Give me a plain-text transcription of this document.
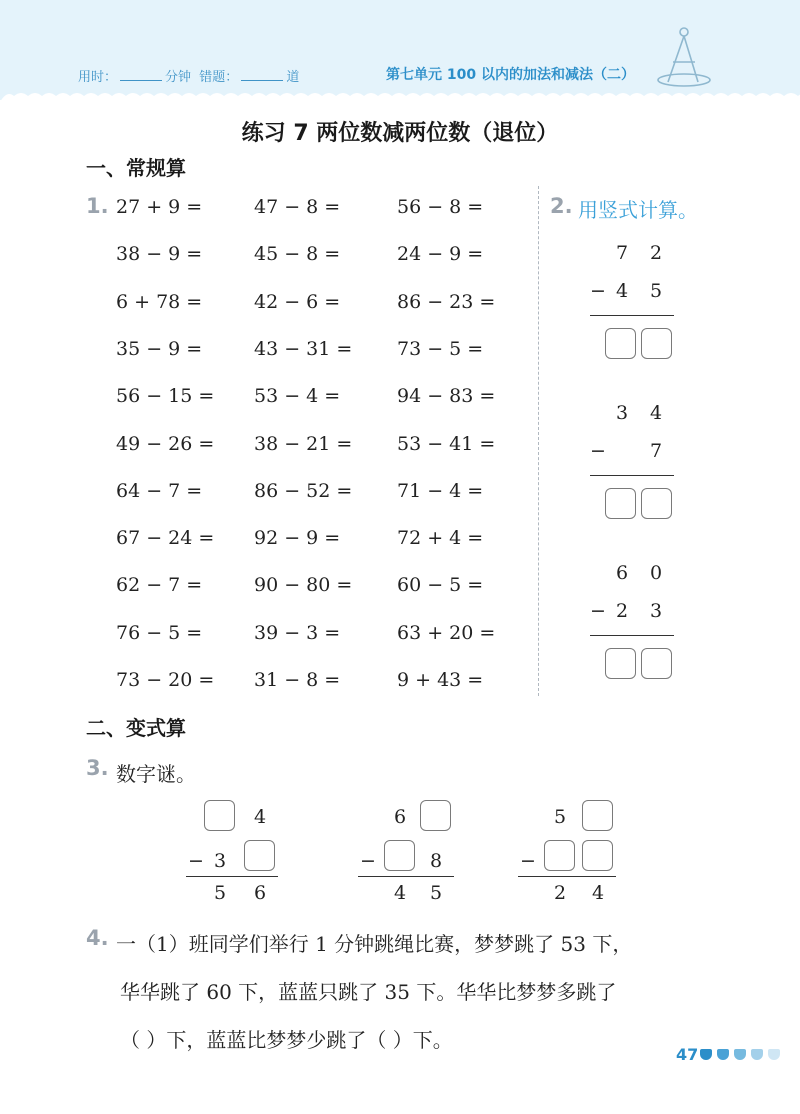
用时：	分钟 错题：	道	第七单元 100 以内的加法和减法（二）
练习 7 两位数减两位数（退位）
一、常规算
1. 27 + 9 =	47 − 8 =	56 − 8 =
38 − 9 =	45 − 8 =	24 − 9 =
6 + 78 =	42 − 6 =	86 − 23 =
35 − 9 =	43 − 31 = 73 − 5 =
56 − 15 = 53 − 4 =	94 − 83 =
49 − 26 = 38 − 21 = 53 − 41 =
64 − 7 =	86 − 52 = 71 − 4 =
67 − 24 = 92 − 9 =	72 + 4 =
62 − 7 =	90 − 80 = 60 − 5 =
76 − 5 =	39 − 3 =	63 + 20 =
73 − 20 = 31 − 8 =	9 + 43 =
2. 用竖式计算。
7 2
− 4 5
3 4
− 7
6 0
− 2 3
二、变式算
3. 数字谜。
4
− 3
5 6
6
−	8
4 5
5
−
2 4
4. 一（1）班同学们举行 1 分钟跳绳比赛，梦梦跳了 53 下，
华华跳了 60 下，蓝蓝只跳了 35 下。华华比梦梦多跳了
（ ）下，蓝蓝比梦梦少跳了（ ）下。
47
